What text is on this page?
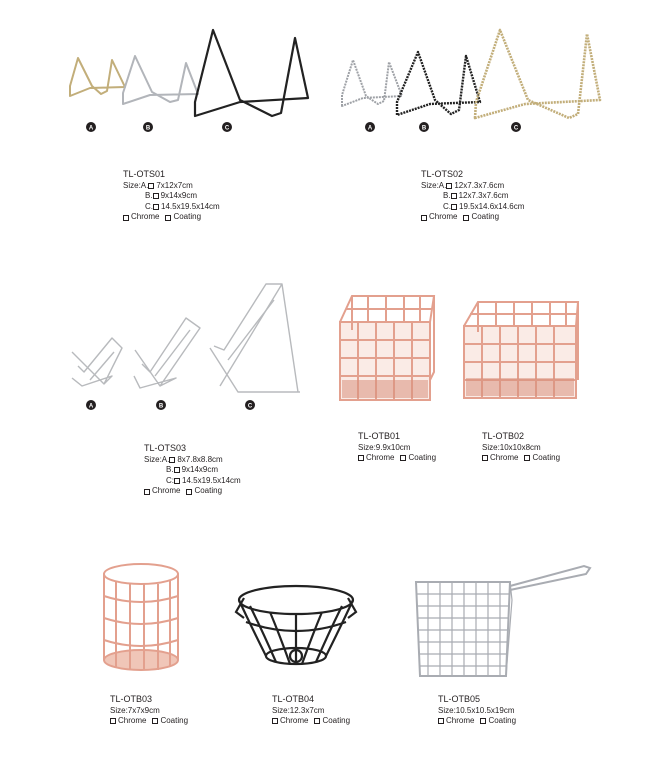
A	B	C	A	B	C
A	B	C
TL-OTS01
Size: A. 7x12x7cm
B. 9x14x9cm
C. 14.5x19.5x14cm
Chrome Coating
TL-OTS02
Size: A. 12x7.3x7.6cm
B. 12x7.3x7.6cm
C. 19.5x14.6x14.6cm
Chrome Coating
TL-OTS03
Size: A. 8x7.8x8.8cm
B. 9x14x9cm
C: 14.5x19.5x14cm
Chrome Coating
TL-OTB01
Size:9.9x10cm
Chrome Coating
TL-OTB02
Size:10x10x8cm
Chrome Coating
TL-OTB03
Size:7x7x9cm
Chrome Coating
TL-OTB04
Size:12.3x7cm
Chrome Coating
TL-OTB05
Size:10.5x10.5x19cm
Chrome Coating
